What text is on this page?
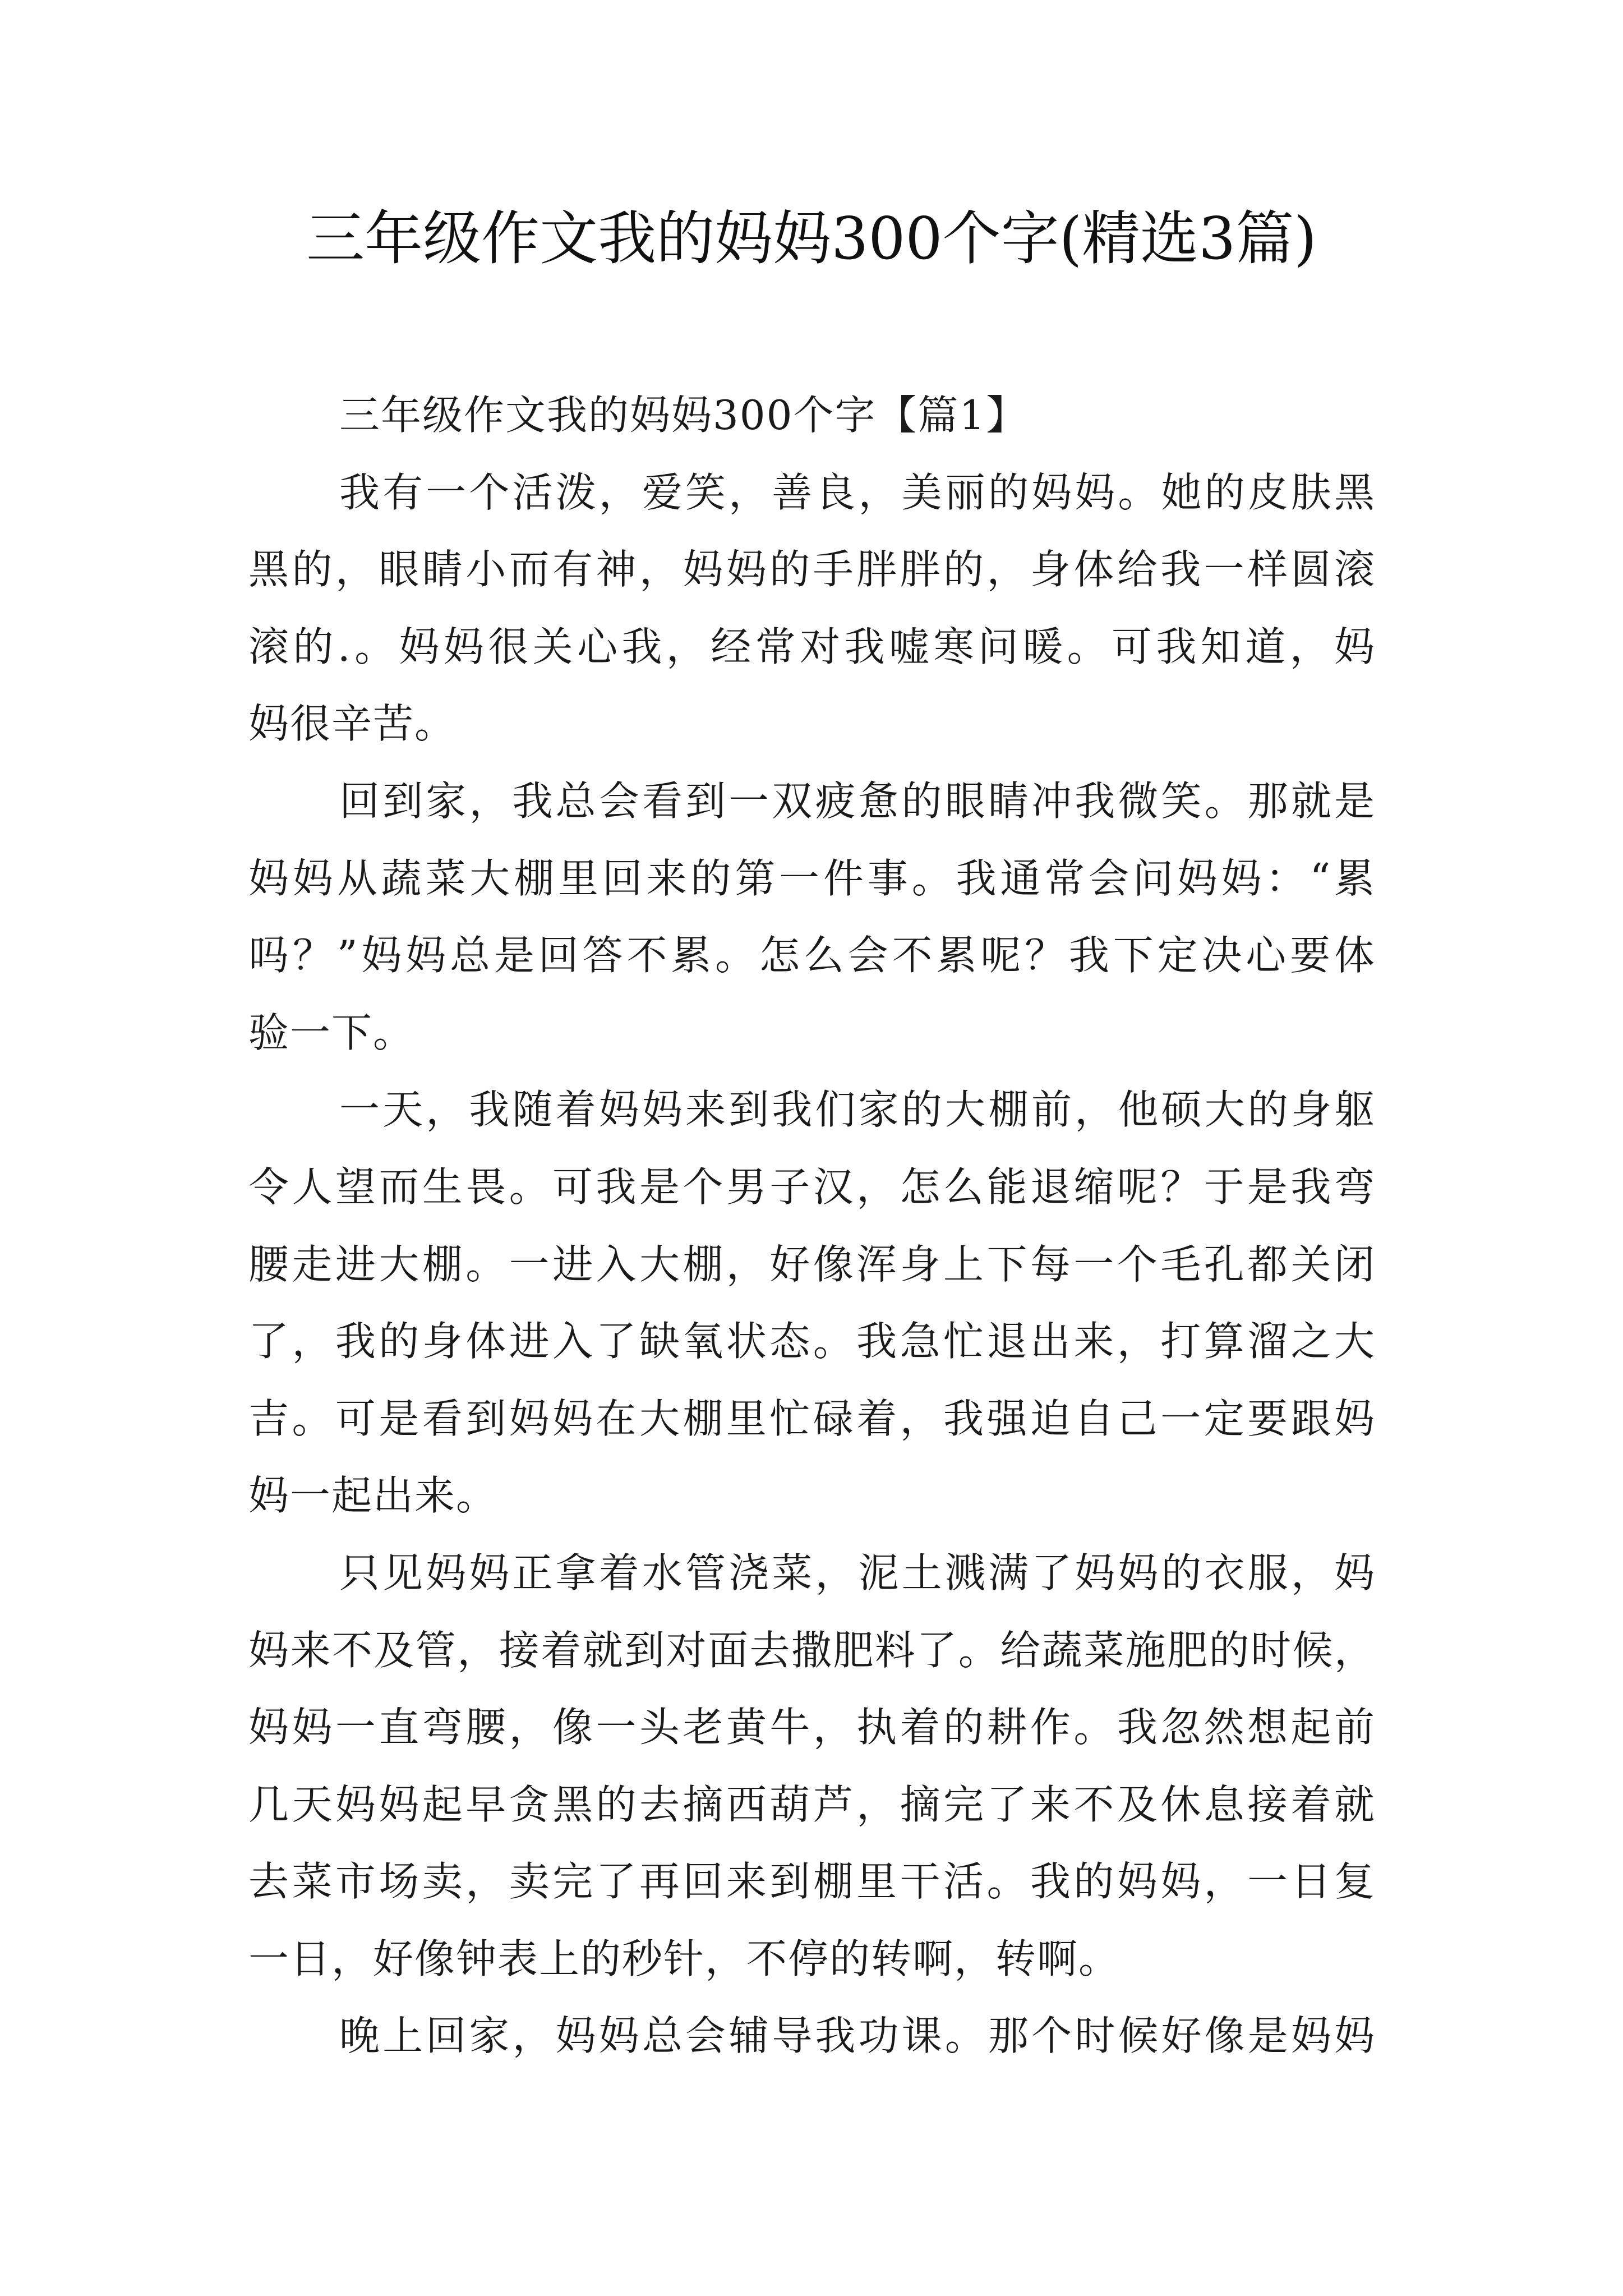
三年级作文我的妈妈300个字(精选3篇)
三年级作文我的妈妈300个字【篇1】
我有一个活泼，爱笑，善良，美丽的妈妈。她的皮肤黑
黑的，眼睛小而有神，妈妈的手胖胖的，身体给我一样圆滚
滚的.。妈妈很关心我，经常对我嘘寒问暖。可我知道，妈
妈很辛苦。
回到家，我总会看到一双疲惫的眼睛冲我微笑。那就是
妈妈从蔬菜大棚里回来的第一件事。我通常会问妈妈：“累
吗？”妈妈总是回答不累。怎么会不累呢？我下定决心要体
验一下。
一天，我随着妈妈来到我们家的大棚前，他硕大的身躯
令人望而生畏。可我是个男子汉，怎么能退缩呢？于是我弯
腰走进大棚。一进入大棚，好像浑身上下每一个毛孔都关闭
了，我的身体进入了缺氧状态。我急忙退出来，打算溜之大
吉。可是看到妈妈在大棚里忙碌着，我强迫自己一定要跟妈
妈一起出来。
只见妈妈正拿着水管浇菜，泥土溅满了妈妈的衣服，妈
妈来不及管，接着就到对面去撒肥料了。给蔬菜施肥的时候，
妈妈一直弯腰，像一头老黄牛，执着的耕作。我忽然想起前
几天妈妈起早贪黑的去摘西葫芦，摘完了来不及休息接着就
去菜市场卖，卖完了再回来到棚里干活。我的妈妈，一日复
一日，好像钟表上的秒针，不停的转啊，转啊。
晚上回家，妈妈总会辅导我功课。那个时候好像是妈妈
